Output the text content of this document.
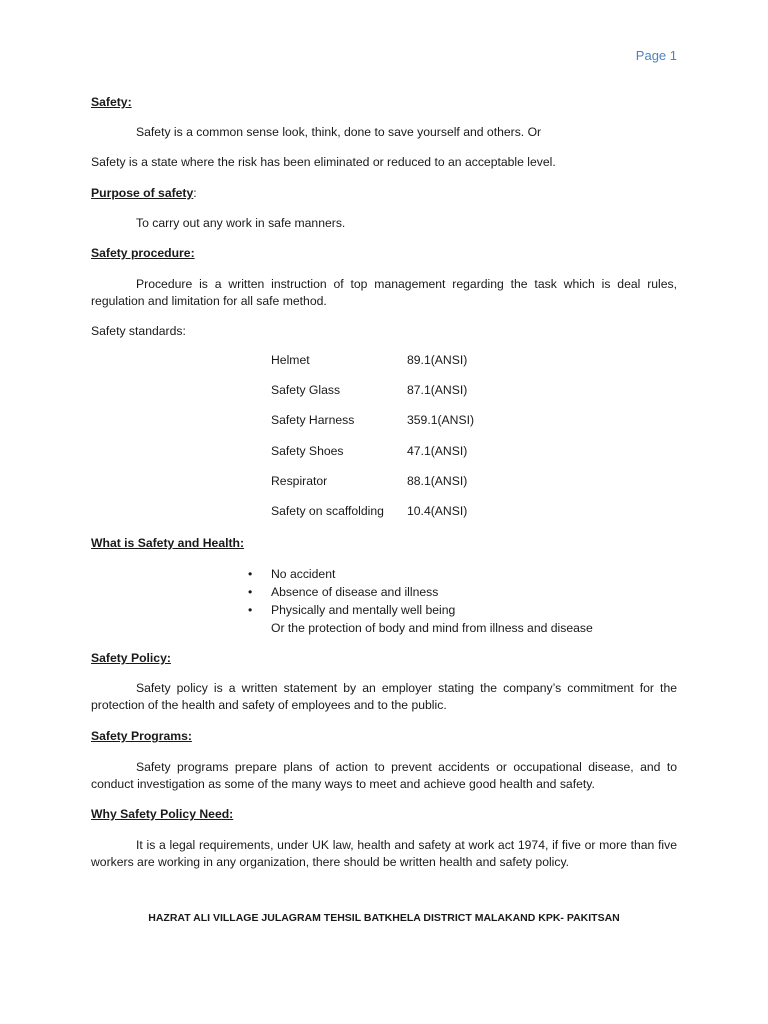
Page 1
Safety:
Safety is a common sense look, think, done to save yourself and others. Or
Safety is a state where the risk has been eliminated or reduced to an acceptable level.
Purpose of safety:
To carry out any work in safe manners.
Safety procedure:
Procedure is a written instruction of top management regarding the task which is deal rules, regulation and limitation for all safe method.
Safety standards:
Helmet	89.1(ANSI)
Safety Glass	87.1(ANSI)
Safety Harness	359.1(ANSI)
Safety Shoes	47.1(ANSI)
Respirator	88.1(ANSI)
Safety on scaffolding 10.4(ANSI)
What is Safety and Health:
• No accident
• Absence of disease and illness
• Physically and mentally well being
Or the protection of body and mind from illness and disease
Safety Policy:
Safety policy is a written statement by an employer stating the company’s commitment for the protection of the health and safety of employees and to the public.
Safety Programs:
Safety programs prepare plans of action to prevent accidents or occupational disease, and to conduct investigation as some of the many ways to meet and achieve good health and safety.
Why Safety Policy Need:
It is a legal requirements, under UK law, health and safety at work act 1974, if five or more than five workers are working in any organization, there should be written health and safety policy.
HAZRAT ALI VILLAGE JULAGRAM TEHSIL BATKHELA DISTRICT MALAKAND KPK- PAKITSAN
